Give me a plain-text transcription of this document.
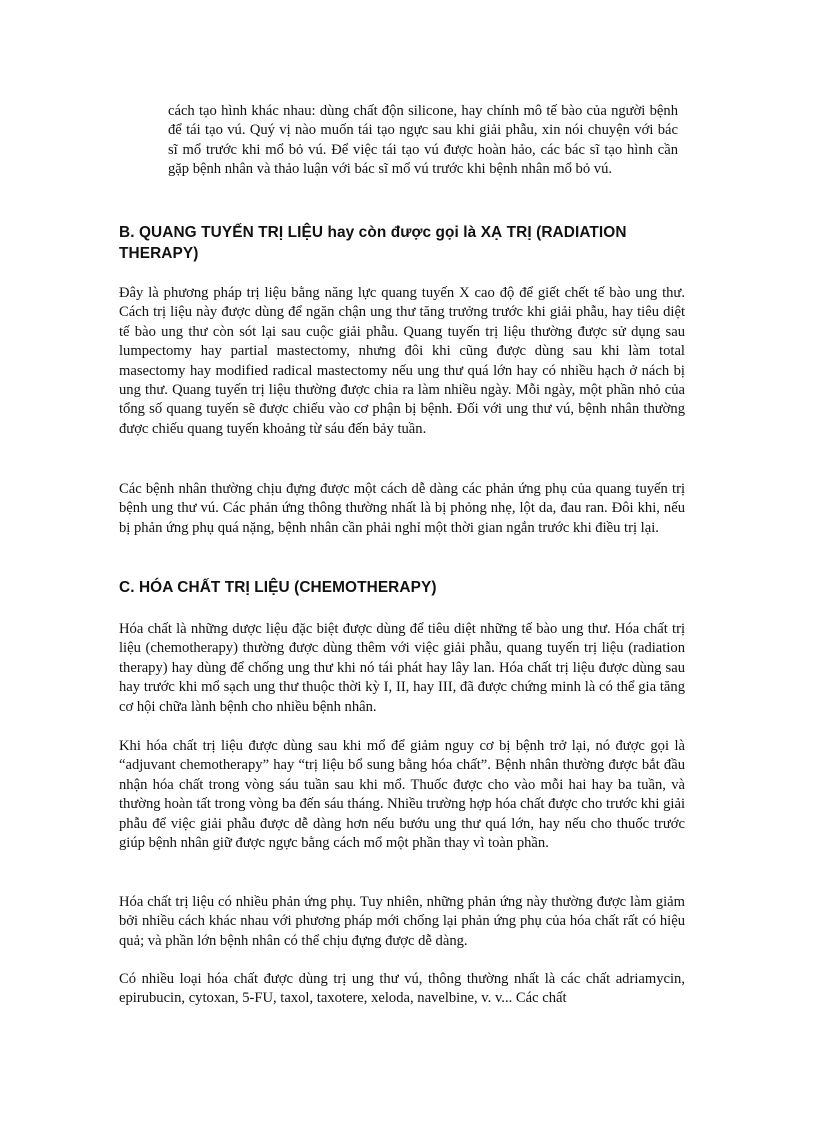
cách tạo hình khác nhau: dùng chất độn silicone, hay chính mô tế bào của người bệnh để tái tạo vú. Quý vị nào muốn tái tạo ngực sau khi giải phẫu, xin nói chuyện với bác sĩ mổ trước khi mổ bỏ vú. Để việc tái tạo vú được hoàn hảo, các bác sĩ tạo hình cần gặp bệnh nhân và thảo luận với bác sĩ mổ vú trước khi bệnh nhân mổ bỏ vú.

B. QUANG TUYẾN TRỊ LIỆU hay còn được gọi là XẠ TRỊ (RADIATION THERAPY)

Đây là phương pháp trị liệu bằng năng lực quang tuyến X cao độ để giết chết tế bào ung thư. Cách trị liệu này được dùng để ngăn chận ung thư tăng trưởng trước khi giải phẫu, hay tiêu diệt tế bào ung thư còn sót lại sau cuộc giải phẫu. Quang tuyến trị liệu thường được sử dụng sau lumpectomy hay partial mastectomy, nhưng đôi khi cũng được dùng sau khi làm total masectomy hay modified radical mastectomy nếu ung thư quá lớn hay có nhiều hạch ở nách bị ung thư. Quang tuyến trị liệu thường được chia ra làm nhiều ngày. Mỗi ngày, một phần nhỏ của tổng số quang tuyến sẽ được chiếu vào cơ phận bị bệnh. Đối với ung thư vú, bệnh nhân thường được chiếu quang tuyến khoảng từ sáu đến bảy tuần.

Các bệnh nhân thường chịu đựng được một cách dễ dàng các phản ứng phụ của quang tuyến trị bệnh ung thư vú. Các phản ứng thông thường nhất là bị phỏng nhẹ, lột da, đau ran. Đôi khi, nếu bị phản ứng phụ quá nặng, bệnh nhân cần phải nghỉ một thời gian ngắn trước khi điều trị lại.

C. HÓA CHẤT TRỊ LIỆU (CHEMOTHERAPY)

Hóa chất là những dược liệu đặc biệt được dùng để tiêu diệt những tế bào ung thư. Hóa chất trị liệu (chemotherapy) thường được dùng thêm với việc giải phẫu, quang tuyến trị liệu (radiation therapy) hay dùng để chống ung thư khi nó tái phát hay lây lan. Hóa chất trị liệu được dùng sau hay trước khi mổ sạch ung thư thuộc thời kỳ I, II, hay III, đã được chứng minh là có thể gia tăng cơ hội chữa lành bệnh cho nhiều bệnh nhân.

Khi hóa chất trị liệu được dùng sau khi mổ để giảm nguy cơ bị bệnh trở lại, nó được gọi là “adjuvant chemotherapy” hay “trị liệu bổ sung bằng hóa chất”. Bệnh nhân thường được bắt đầu nhận hóa chất trong vòng sáu tuần sau khi mổ. Thuốc được cho vào mỗi hai hay ba tuần, và thường hoàn tất trong vòng ba đến sáu tháng. Nhiều trường hợp hóa chất được cho trước khi giải phẫu để việc giải phẫu được dễ dàng hơn nếu bướu ung thư quá lớn, hay nếu cho thuốc trước giúp bệnh nhân giữ được ngực bằng cách mổ một phần thay vì toàn phần.

Hóa chất trị liệu có nhiều phản ứng phụ. Tuy nhiên, những phản ứng này thường được làm giảm bởi nhiều cách khác nhau với phương pháp mới chống lại phản ứng phụ của hóa chất rất có hiệu quả; và phần lớn bệnh nhân có thể chịu đựng được dễ dàng.

Có nhiều loại hóa chất được dùng trị ung thư vú, thông thường nhất là các chất adriamycin, epirubucin, cytoxan, 5-FU, taxol, taxotere, xeloda, navelbine, v. v... Các chất
